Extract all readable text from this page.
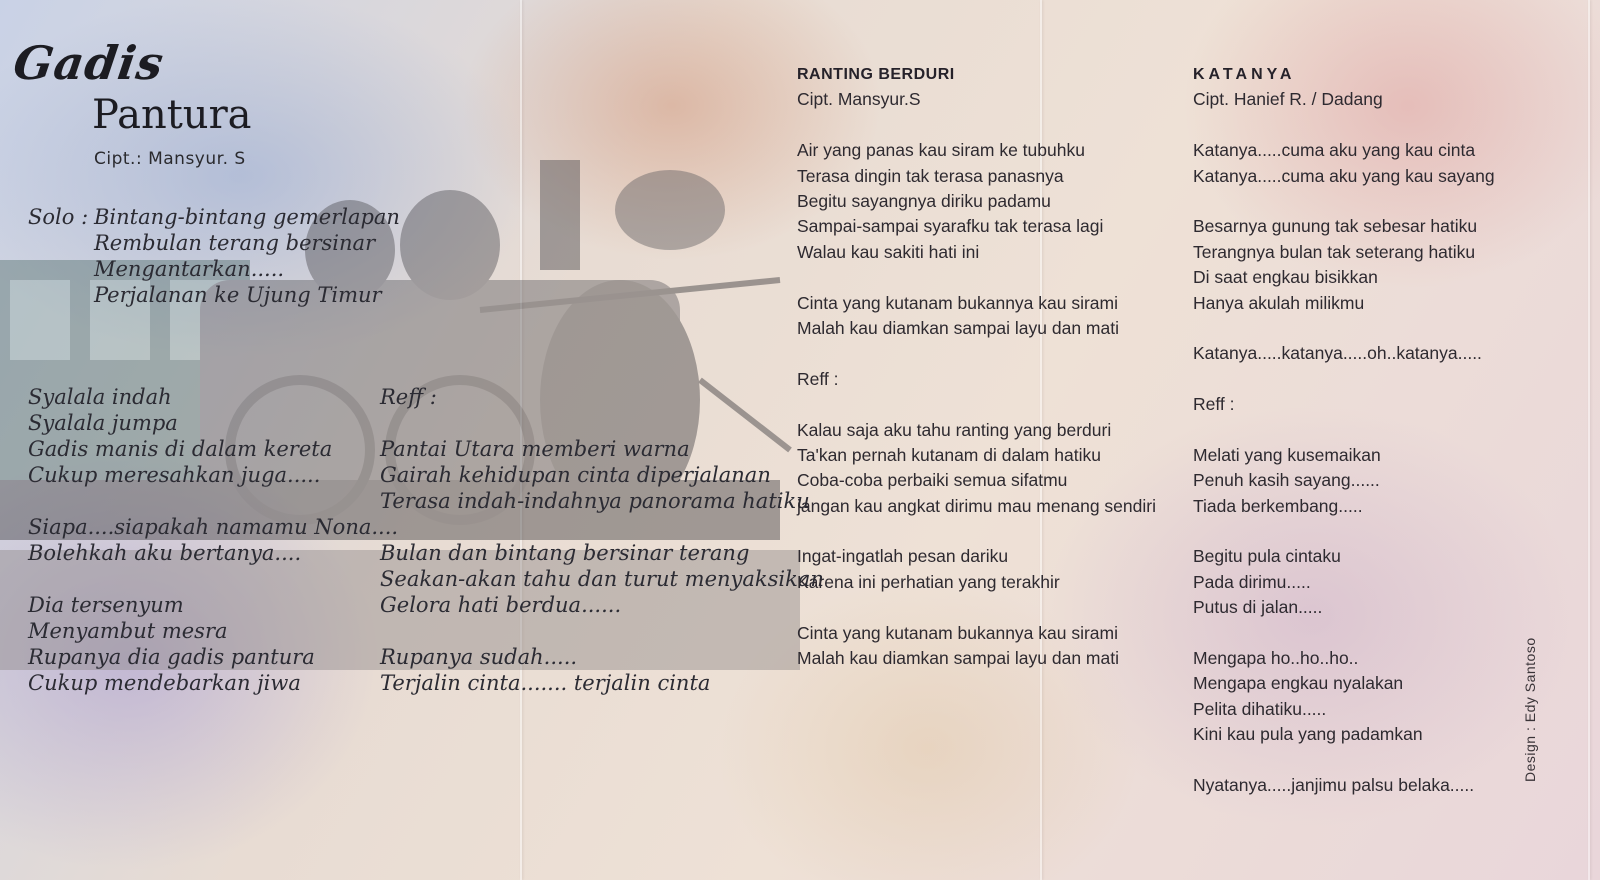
Gadis
Pantura
Cipt.: Mansyur. S
Solo : Bintang-bintang gemerlapan
Rembulan terang bersinar
Mengantarkan.....
Perjalanan ke Ujung Timur
Syalala indah
Syalala jumpa
Gadis manis di dalam kereta
Cukup meresahkan juga.....
Siapa....siapakah namamu Nona....
Bolehkah aku bertanya....
Dia tersenyum
Menyambut mesra
Rupanya dia gadis pantura
Cukup mendebarkan jiwa
Reff :
Pantai Utara memberi warna
Gairah kehidupan cinta diperjalanan
Terasa indah-indahnya panorama hatiku
Bulan dan bintang bersinar terang
Seakan-akan tahu dan turut menyaksikan
Gelora hati berdua......
Rupanya sudah.....
Terjalin cinta....... terjalin cinta
RANTING BERDURI
Cipt. Mansyur.S
Air yang panas kau siram ke tubuhku
Terasa dingin tak terasa panasnya
Begitu sayangnya diriku padamu
Sampai-sampai syarafku tak terasa lagi
Walau kau sakiti hati ini
Cinta yang kutanam bukannya kau sirami
Malah kau diamkan sampai layu dan mati
Reff :
Kalau saja aku tahu ranting yang berduri
Ta'kan pernah kutanam di dalam hatiku
Coba-coba perbaiki semua sifatmu
jangan kau angkat dirimu mau menang sendiri
Ingat-ingatlah pesan dariku
Karena ini perhatian yang terakhir
Cinta yang kutanam bukannya kau sirami
Malah kau diamkan sampai layu dan mati
KATANYA
Cipt. Hanief R. / Dadang
Katanya.....cuma aku yang kau cinta
Katanya.....cuma aku yang kau sayang
Besarnya gunung tak sebesar hatiku
Terangnya bulan tak seterang hatiku
Di saat engkau bisikkan
Hanya akulah milikmu
Katanya.....katanya.....oh..katanya.....
Reff :
Melati yang kusemaikan
Penuh kasih sayang......
Tiada berkembang.....
Begitu pula cintaku
Pada dirimu.....
Putus di jalan.....
Mengapa ho..ho..ho..
Mengapa engkau nyalakan
Pelita dihatiku.....
Kini kau pula yang padamkan
Nyatanya.....janjimu palsu belaka.....
Design : Edy Santoso
